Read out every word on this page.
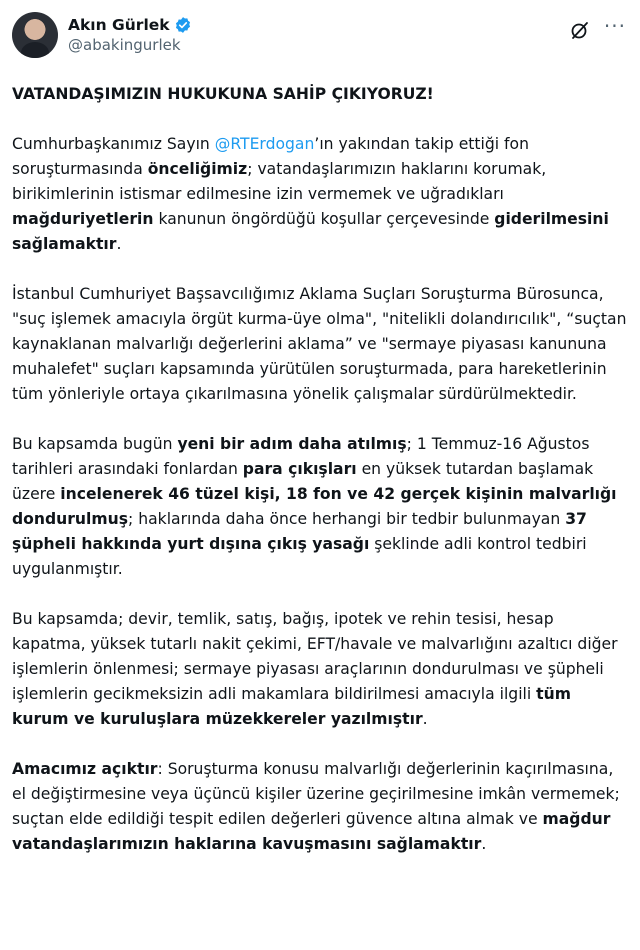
Akın Gürlek
@abakingurlek
···

VATANDAŞIMIZIN HUKUKUNA SAHİP ÇIKIYORUZ!

Cumhurbaşkanımız Sayın @RTErdogan’ın yakından takip ettiği fon soruşturmasında önceliğimiz; vatandaşlarımızın haklarını korumak, birikimlerinin istismar edilmesine izin vermemek ve uğradıkları mağduriyetlerin kanunun öngördüğü koşullar çerçevesinde giderilmesini sağlamaktır.

İstanbul Cumhuriyet Başsavcılığımız Aklama Suçları Soruşturma Bürosunca, "suç işlemek amacıyla örgüt kurma-üye olma", "nitelikli dolandırıcılık", “suçtan kaynaklanan malvarlığı değerlerini aklama” ve "sermaye piyasası kanununa muhalefet" suçları kapsamında yürütülen soruşturmada, para hareketlerinin tüm yönleriyle ortaya çıkarılmasına yönelik çalışmalar sürdürülmektedir.

Bu kapsamda bugün yeni bir adım daha atılmış; 1 Temmuz-16 Ağustos tarihleri arasındaki fonlardan para çıkışları en yüksek tutardan başlamak üzere incelenerek 46 tüzel kişi, 18 fon ve 42 gerçek kişinin malvarlığı dondurulmuş; haklarında daha önce herhangi bir tedbir bulunmayan 37 şüpheli hakkında yurt dışına çıkış yasağı şeklinde adli kontrol tedbiri uygulanmıştır.

Bu kapsamda; devir, temlik, satış, bağış, ipotek ve rehin tesisi, hesap kapatma, yüksek tutarlı nakit çekimi, EFT/havale ve malvarlığını azaltıcı diğer işlemlerin önlenmesi; sermaye piyasası araçlarının dondurulması ve şüpheli işlemlerin gecikmeksizin adli makamlara bildirilmesi amacıyla ilgili tüm kurum ve kuruluşlara müzekkereler yazılmıştır.

Amacımız açıktır: Soruşturma konusu malvarlığı değerlerinin kaçırılmasına, el değiştirmesine veya üçüncü kişiler üzerine geçirilmesine imkân vermemek; suçtan elde edildiği tespit edilen değerleri güvence altına almak ve mağdur vatandaşlarımızın haklarına kavuşmasını sağlamaktır.
